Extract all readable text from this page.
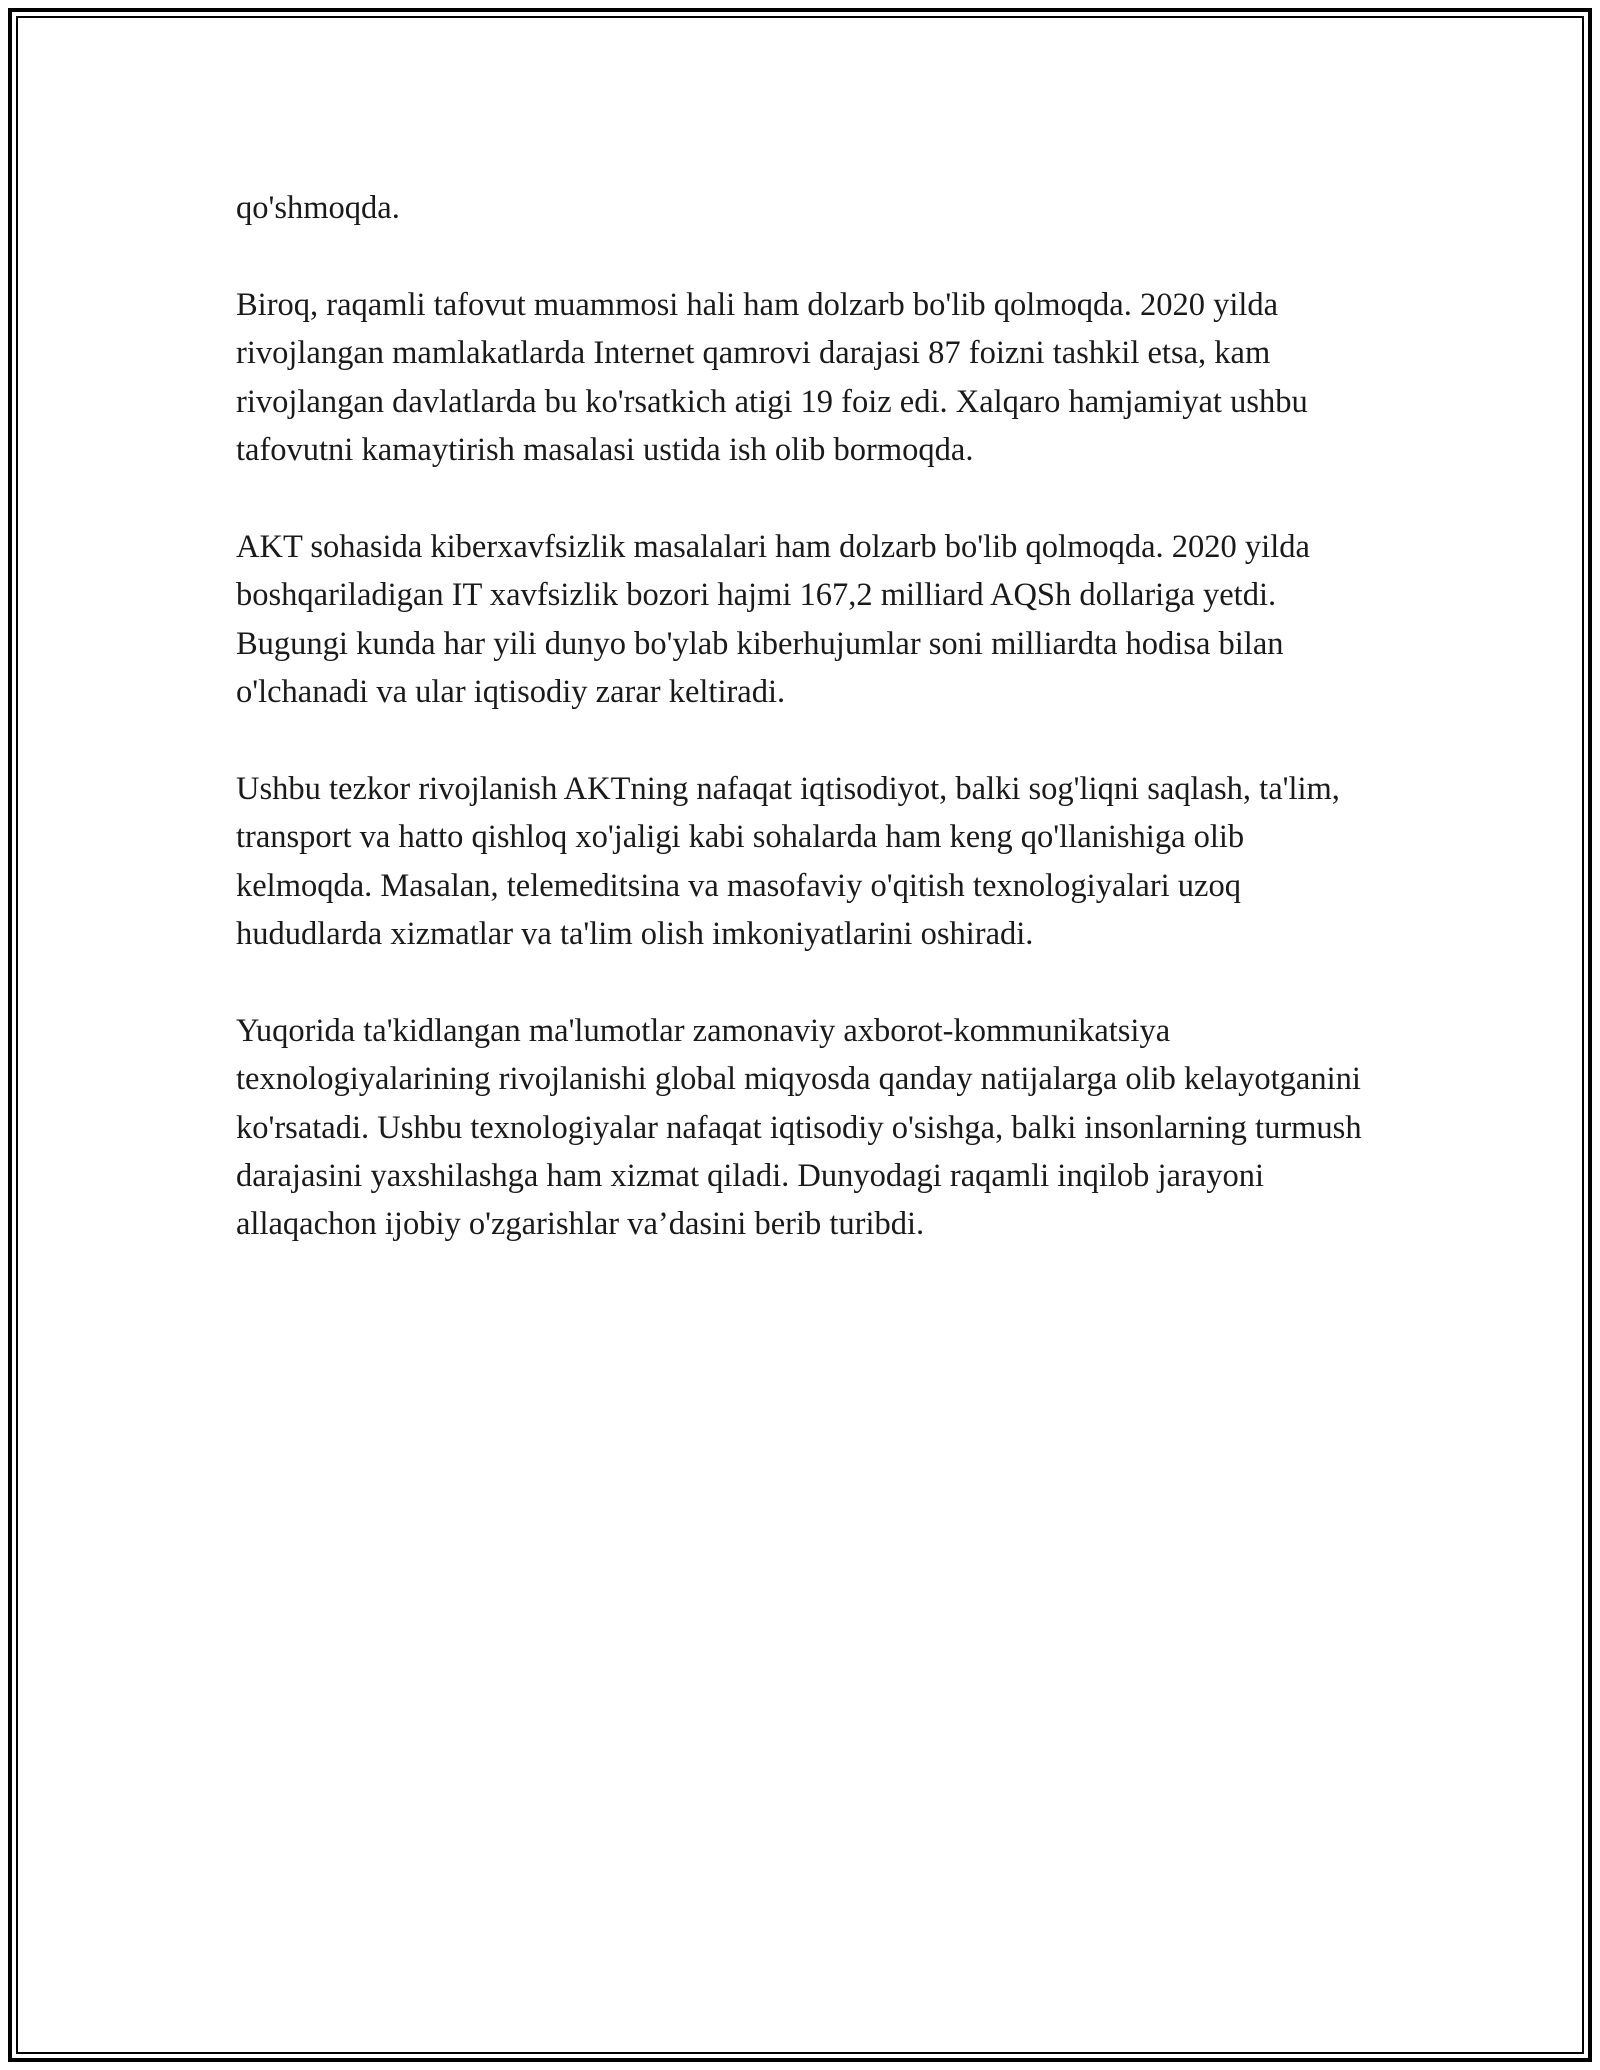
qo'shmoqda.

Biroq, raqamli tafovut muammosi hali ham dolzarb bo'lib qolmoqda. 2020 yilda rivojlangan mamlakatlarda Internet qamrovi darajasi 87 foizni tashkil etsa, kam rivojlangan davlatlarda bu ko'rsatkich atigi 19 foiz edi. Xalqaro hamjamiyat ushbu tafovutni kamaytirish masalasi ustida ish olib bormoqda.

AKT sohasida kiberxavfsizlik masalalari ham dolzarb bo'lib qolmoqda. 2020 yilda boshqariladigan IT xavfsizlik bozori hajmi 167,2 milliard AQSh dollariga yetdi. Bugungi kunda har yili dunyo bo'ylab kiberhujumlar soni milliardta hodisa bilan o'lchanadi va ular iqtisodiy zarar keltiradi.

Ushbu tezkor rivojlanish AKTning nafaqat iqtisodiyot, balki sog'liqni saqlash, ta'lim, transport va hatto qishloq xo'jaligi kabi sohalarda ham keng qo'llanishiga olib kelmoqda. Masalan, telemeditsina va masofaviy o'qitish texnologiyalari uzoq hududlarda xizmatlar va ta'lim olish imkoniyatlarini oshiradi.

Yuqorida ta'kidlangan ma'lumotlar zamonaviy axborot-kommunikatsiya texnologiyalarining rivojlanishi global miqyosda qanday natijalarga olib kelayotganini ko'rsatadi. Ushbu texnologiyalar nafaqat iqtisodiy o'sishga, balki insonlarning turmush darajasini yaxshilashga ham xizmat qiladi. Dunyodagi raqamli inqilob jarayoni allaqachon ijobiy o'zgarishlar va’dasini berib turibdi.
